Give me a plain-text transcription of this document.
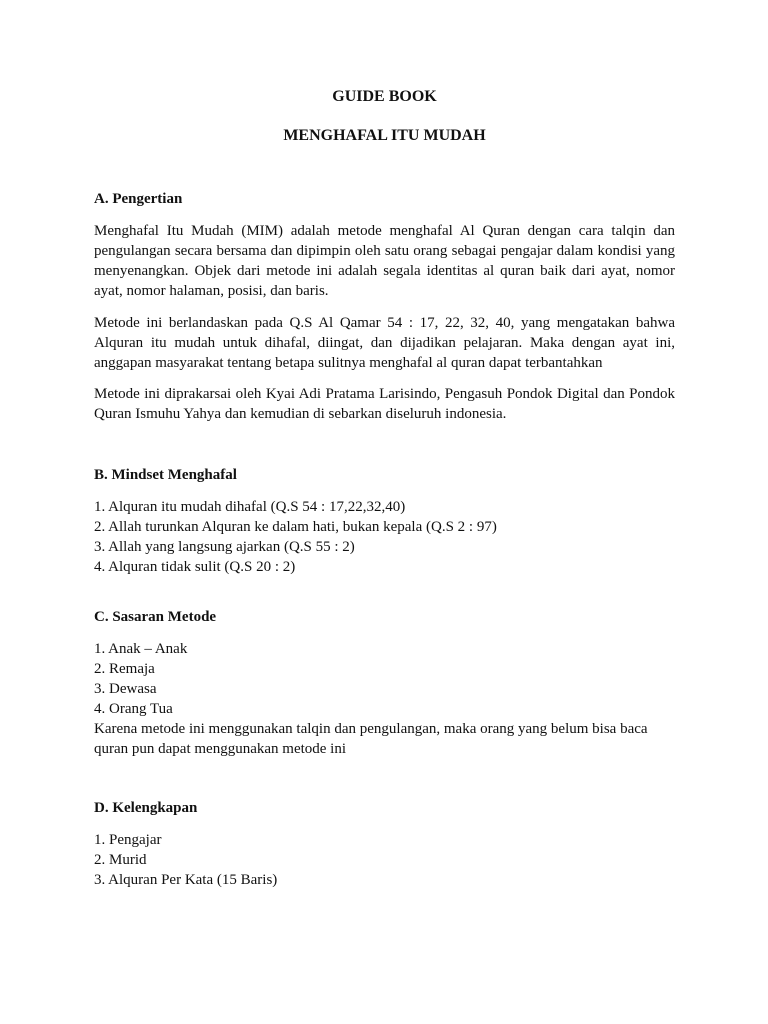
GUIDE BOOK
MENGHAFAL ITU MUDAH
A. Pengertian

Menghafal Itu Mudah (MIM) adalah metode menghafal Al Quran dengan cara talqin dan pengulangan secara bersama dan dipimpin oleh satu orang sebagai pengajar dalam kondisi yang menyenangkan. Objek dari metode ini adalah segala identitas al quran baik dari ayat, nomor ayat, nomor halaman, posisi, dan baris.

Metode ini berlandaskan pada Q.S Al Qamar 54 : 17, 22, 32, 40, yang mengatakan bahwa Alquran itu mudah untuk dihafal, diingat, dan dijadikan pelajaran. Maka dengan ayat ini, anggapan masyarakat tentang betapa sulitnya menghafal al quran dapat terbantahkan

Metode ini diprakarsai oleh Kyai Adi Pratama Larisindo, Pengasuh Pondok Digital dan Pondok Quran Ismuhu Yahya dan kemudian di sebarkan diseluruh indonesia.

B. Mindset Menghafal
1. Alquran itu mudah dihafal (Q.S 54 : 17,22,32,40)
2. Allah turunkan Alquran ke dalam hati, bukan kepala (Q.S 2 : 97)
3. Allah yang langsung ajarkan (Q.S 55 : 2)
4. Alquran tidak sulit (Q.S 20 : 2)
C. Sasaran Metode
1. Anak – Anak
2. Remaja
3. Dewasa
4. Orang Tua

Karena metode ini menggunakan talqin dan pengulangan, maka orang yang belum bisa baca quran pun dapat menggunakan metode ini

D. Kelengkapan
1. Pengajar
2. Murid
3. Alquran Per Kata (15 Baris)
